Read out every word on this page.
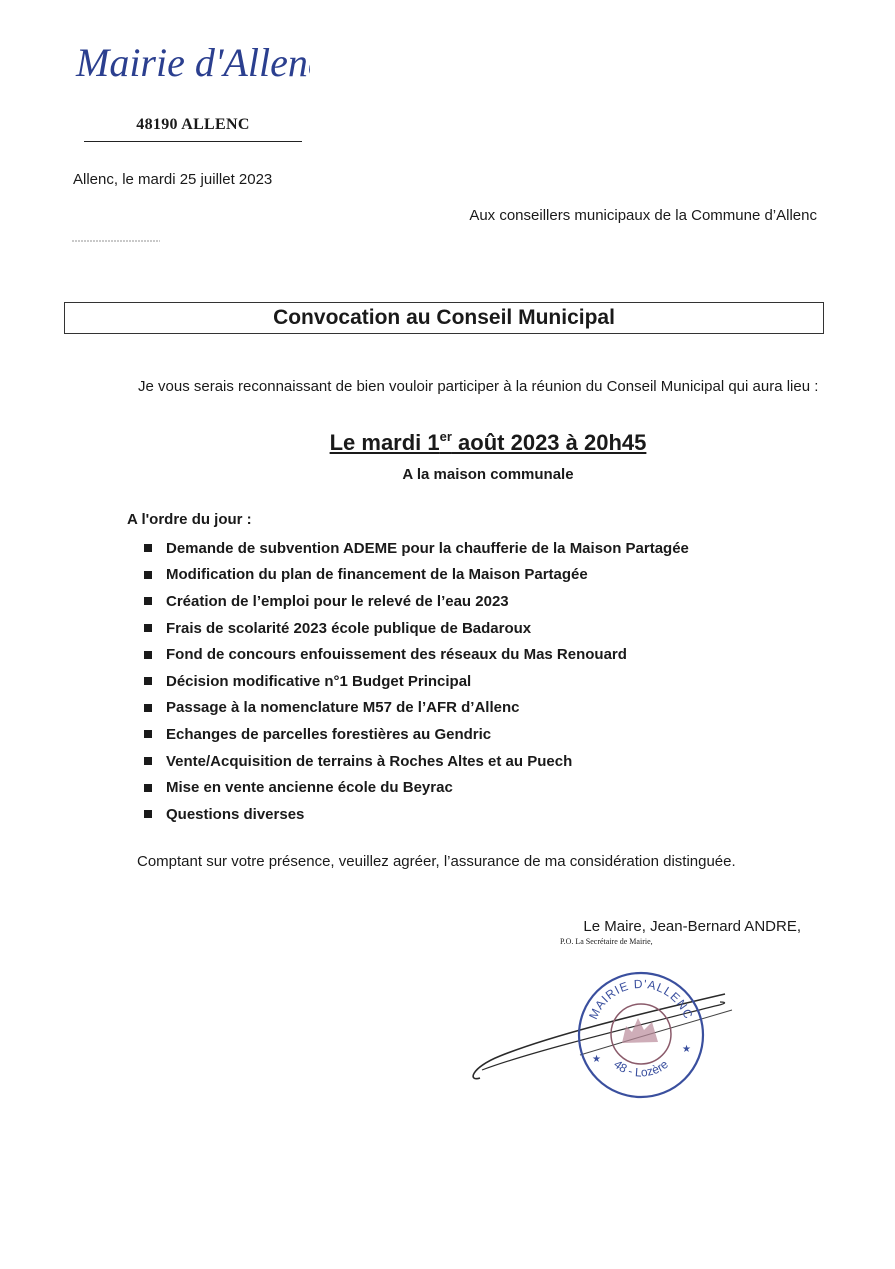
Mairie d'Allenc
48190 ALLENC
Allenc, le mardi 25 juillet 2023
Aux conseillers municipaux de la Commune d’Allenc
Convocation au Conseil Municipal
Je vous serais reconnaissant de bien vouloir participer à la réunion du Conseil Municipal qui aura lieu :
Le mardi 1er août 2023 à 20h45
A la maison communale
A l'ordre du jour :
Demande de subvention ADEME pour la chaufferie de la Maison Partagée
Modification du plan de financement de la Maison Partagée
Création de l’emploi pour le relevé de l’eau 2023
Frais de scolarité 2023 école publique de Badaroux
Fond de concours enfouissement des réseaux du Mas Renouard
Décision modificative n°1 Budget Principal
Passage à la nomenclature M57 de l’AFR d’Allenc
Echanges de parcelles forestières au Gendric
Vente/Acquisition de terrains à Roches Altes et au Puech
Mise en vente ancienne école du Beyrac
Questions diverses
Comptant sur votre présence, veuillez agréer, l’assurance de ma considération distinguée.
Le Maire, Jean-Bernard ANDRE,
P.O. La Secrétaire de Mairie,
MAIRIE D'ALLENC
48 - Lozère
★
★
